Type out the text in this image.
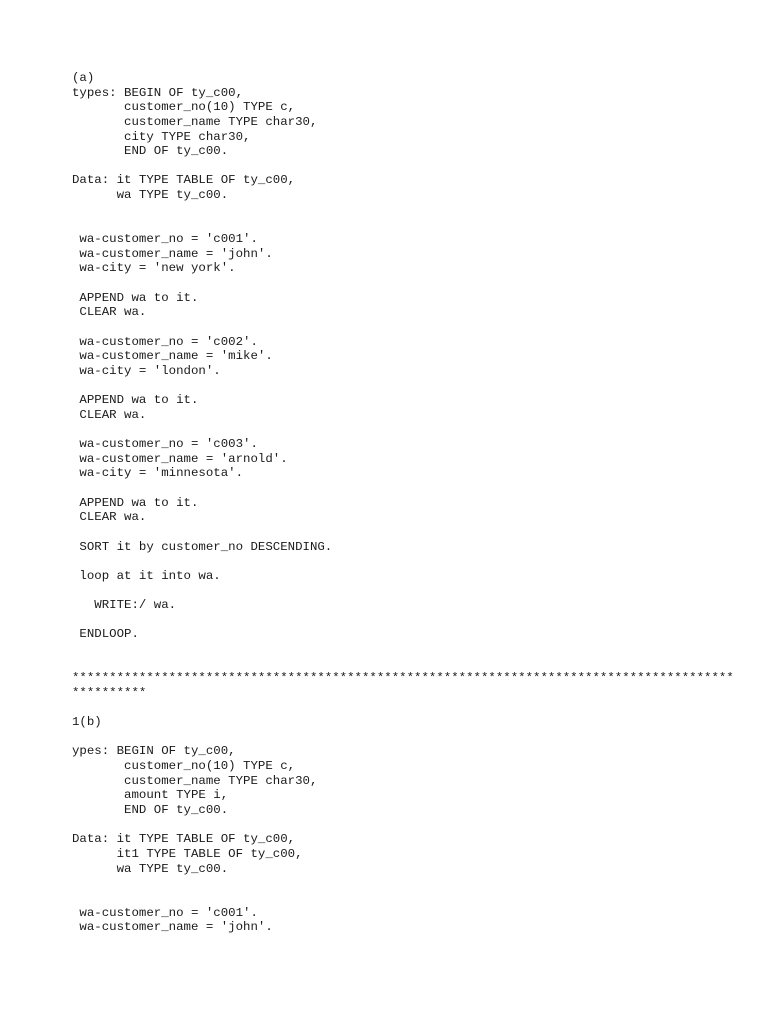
(a)
types: BEGIN OF ty_c00,
customer_no(10) TYPE c,
customer_name TYPE char30,
city TYPE char30,
END OF ty_c00.
Data: it TYPE TABLE OF ty_c00,
wa TYPE ty_c00.
wa-customer_no = 'c001'.
wa-customer_name = 'john'.
wa-city = 'new york'.
APPEND wa to it.
CLEAR wa.
wa-customer_no = 'c002'.
wa-customer_name = 'mike'.
wa-city = 'london'.
APPEND wa to it.
CLEAR wa.
wa-customer_no = 'c003'.
wa-customer_name = 'arnold'.
wa-city = 'minnesota'.
APPEND wa to it.
CLEAR wa.
SORT it by customer_no DESCENDING.
loop at it into wa.
WRITE:/ wa.
ENDLOOP.
*****************************************************************************************
**********
1(b)
ypes: BEGIN OF ty_c00,
customer_no(10) TYPE c,
customer_name TYPE char30,
amount TYPE i,
END OF ty_c00.
Data: it TYPE TABLE OF ty_c00,
it1 TYPE TABLE OF ty_c00,
wa TYPE ty_c00.
wa-customer_no = 'c001'.
wa-customer_name = 'john'.
